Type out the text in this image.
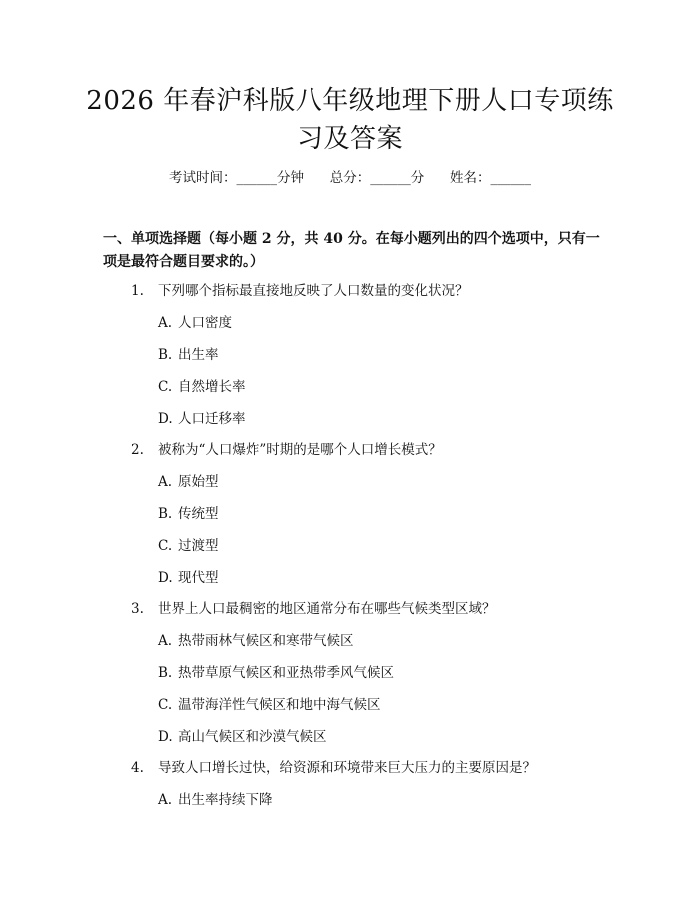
2026 年春沪科版八年级地理下册人口专项练习及答案
考试时间：______分钟      总分：______分      姓名：______
一、单项选择题（每小题 2 分，共 40 分。在每小题列出的四个选项中，只有一项是最符合题目要求的。）
1. 下列哪个指标最直接地反映了人口数量的变化状况？
A. 人口密度
B. 出生率
C. 自然增长率
D. 人口迁移率
2. 被称为“人口爆炸”时期的是哪个人口增长模式？
A. 原始型
B. 传统型
C. 过渡型
D. 现代型
3. 世界上人口最稠密的地区通常分布在哪些气候类型区域？
A. 热带雨林气候区和寒带气候区
B. 热带草原气候区和亚热带季风气候区
C. 温带海洋性气候区和地中海气候区
D. 高山气候区和沙漠气候区
4. 导致人口增长过快，给资源和环境带来巨大压力的主要原因是？
A. 出生率持续下降
